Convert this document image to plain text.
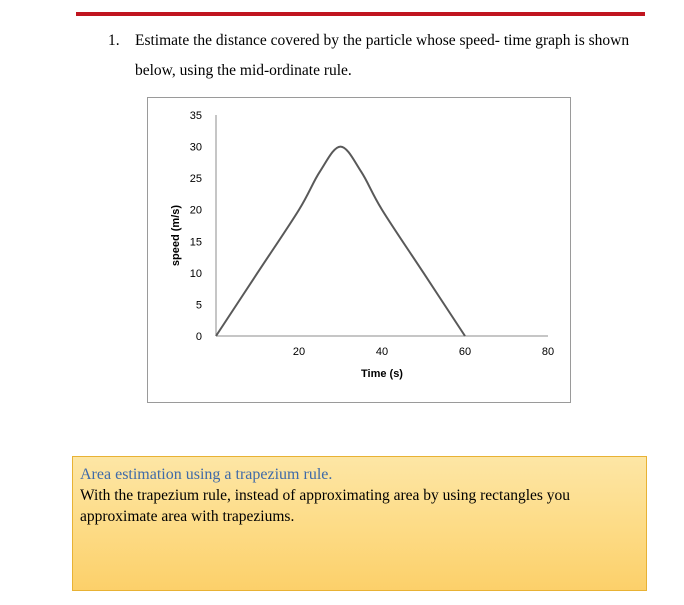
1. Estimate the distance covered by the particle whose speed- time graph is shown below, using the mid-ordinate rule.
0
5
10
15
20
25
30
35
20	40	60	80
Time (s)
speed (m/s)
Area estimation using a trapezium rule.
With the trapezium rule, instead of approximating area by using rectangles you approximate area with trapeziums.
